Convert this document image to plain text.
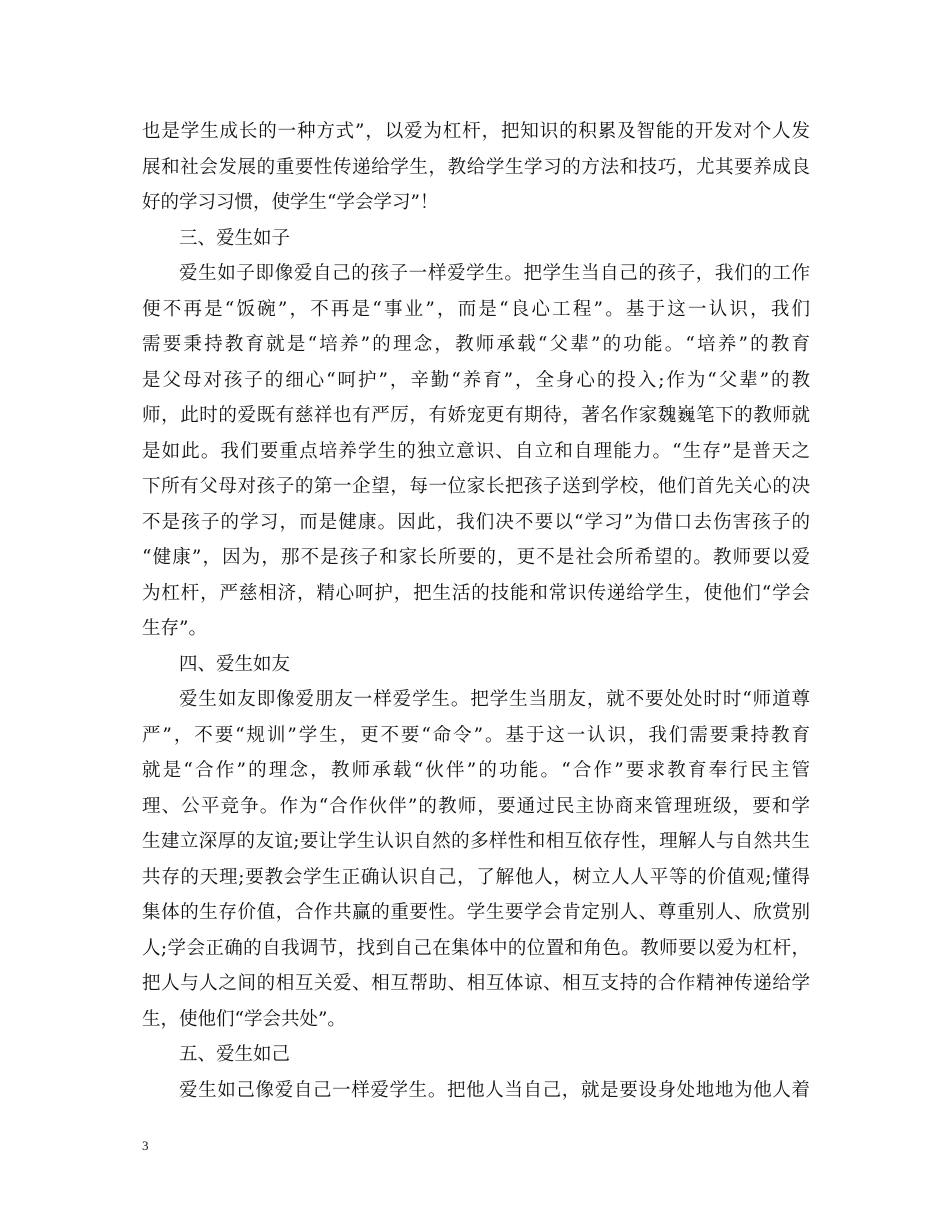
也是学生成长的一种方式”，以爱为杠杆，把知识的积累及智能的开发对个人发
展和社会发展的重要性传递给学生，教给学生学习的方法和技巧，尤其要养成良
好的学习习惯，使学生“学会学习”！
三、爱生如子
爱生如子即像爱自己的孩子一样爱学生。把学生当自己的孩子，我们的工作
便不再是“饭碗”，不再是“事业”，而是“良心工程”。基于这一认识，我们
需要秉持教育就是“培养”的理念，教师承载“父辈”的功能。“培养”的教育
是父母对孩子的细心“呵护”，辛勤“养育”，全身心的投入;作为“父辈”的教
师，此时的爱既有慈祥也有严厉，有娇宠更有期待，著名作家魏巍笔下的教师就
是如此。我们要重点培养学生的独立意识、自立和自理能力。“生存”是普天之
下所有父母对孩子的第一企望，每一位家长把孩子送到学校，他们首先关心的决
不是孩子的学习，而是健康。因此，我们决不要以“学习”为借口去伤害孩子的
“健康”，因为，那不是孩子和家长所要的，更不是社会所希望的。教师要以爱
为杠杆，严慈相济，精心呵护，把生活的技能和常识传递给学生，使他们“学会
生存”。
四、爱生如友
爱生如友即像爱朋友一样爱学生。把学生当朋友，就不要处处时时“师道尊
严”，不要“规训”学生，更不要“命令”。基于这一认识，我们需要秉持教育
就是“合作”的理念，教师承载“伙伴”的功能。“合作”要求教育奉行民主管
理、公平竞争。作为“合作伙伴”的教师，要通过民主协商来管理班级，要和学
生建立深厚的友谊;要让学生认识自然的多样性和相互依存性，理解人与自然共生
共存的天理;要教会学生正确认识自己，了解他人，树立人人平等的价值观;懂得
集体的生存价值，合作共赢的重要性。学生要学会肯定别人、尊重别人、欣赏别
人;学会正确的自我调节，找到自己在集体中的位置和角色。教师要以爱为杠杆，
把人与人之间的相互关爱、相互帮助、相互体谅、相互支持的合作精神传递给学
生，使他们“学会共处”。
五、爱生如己
爱生如己像爱自己一样爱学生。把他人当自己，就是要设身处地地为他人着
3
